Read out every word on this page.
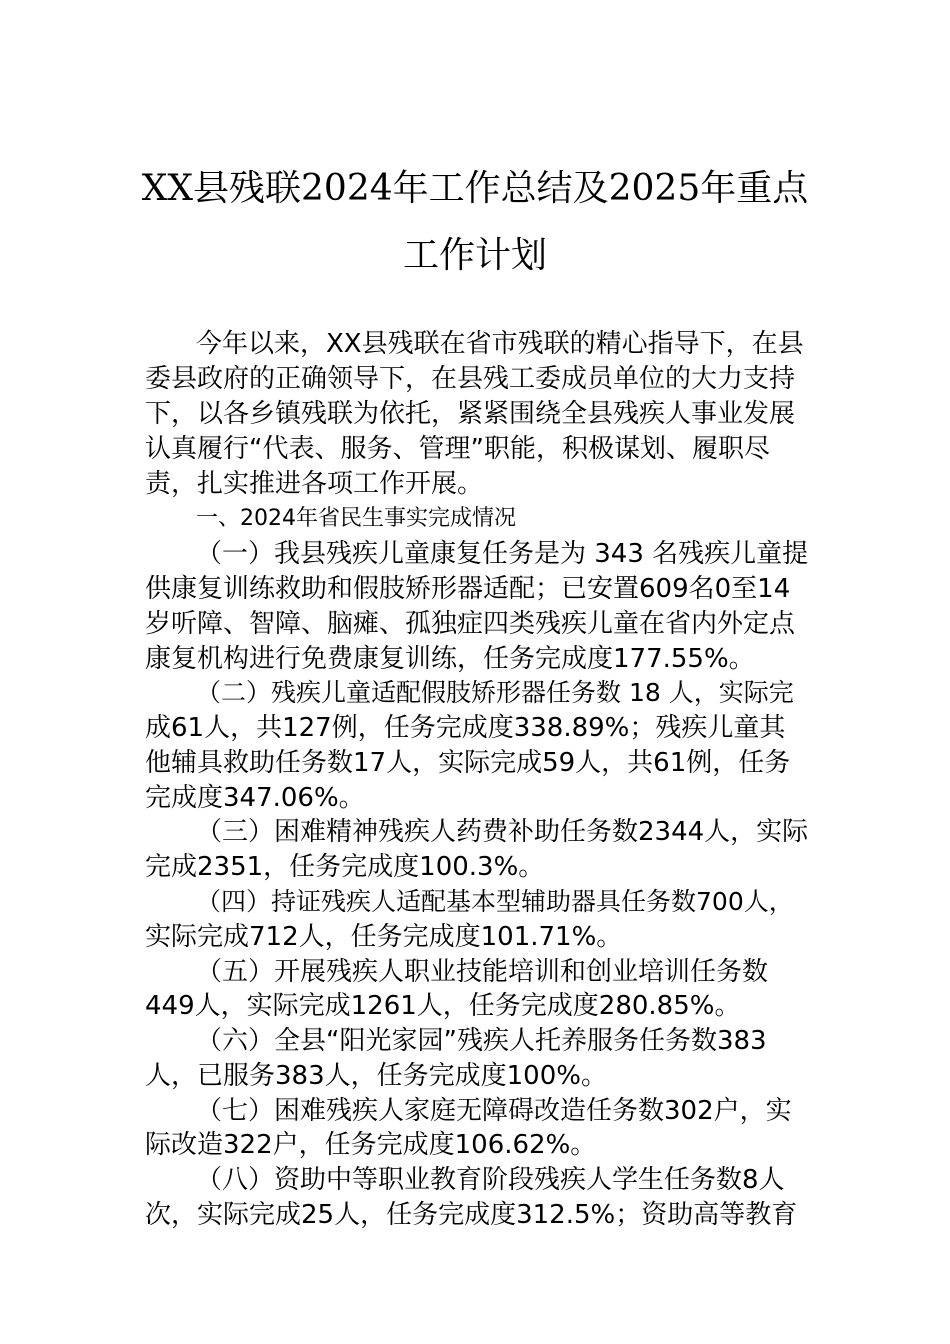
XX县残联2024年工作总结及2025年重点
工作计划
今年以来，XX县残联在省市残联的精心指导下，在县
委县政府的正确领导下，在县残工委成员单位的大力支持
下，以各乡镇残联为依托，紧紧围绕全县残疾人事业发展
认真履行“代表、服务、管理”职能，积极谋划、履职尽
责，扎实推进各项工作开展。
一、2024年省民生事实完成情况
（一）我县残疾儿童康复任务是为 343 名残疾儿童提
供康复训练救助和假肢矫形器适配；已安置609名0至14
岁听障、智障、脑瘫、孤独症四类残疾儿童在省内外定点
康复机构进行免费康复训练，任务完成度177.55%。
（二）残疾儿童适配假肢矫形器任务数 18 人，实际完
成61人，共127例，任务完成度338.89%；残疾儿童其
他辅具救助任务数17人，实际完成59人，共61例，任务
完成度347.06%。
（三）困难精神残疾人药费补助任务数2344人，实际
完成2351，任务完成度100.3%。
（四）持证残疾人适配基本型辅助器具任务数700人，
实际完成712人，任务完成度101.71%。
（五）开展残疾人职业技能培训和创业培训任务数
449人，实际完成1261人，任务完成度280.85%。
（六）全县“阳光家园”残疾人托养服务任务数383
人，已服务383人，任务完成度100%。
（七）困难残疾人家庭无障碍改造任务数302户，实
际改造322户，任务完成度106.62%。
（八）资助中等职业教育阶段残疾人学生任务数8人
次，实际完成25人，任务完成度312.5%；资助高等教育
